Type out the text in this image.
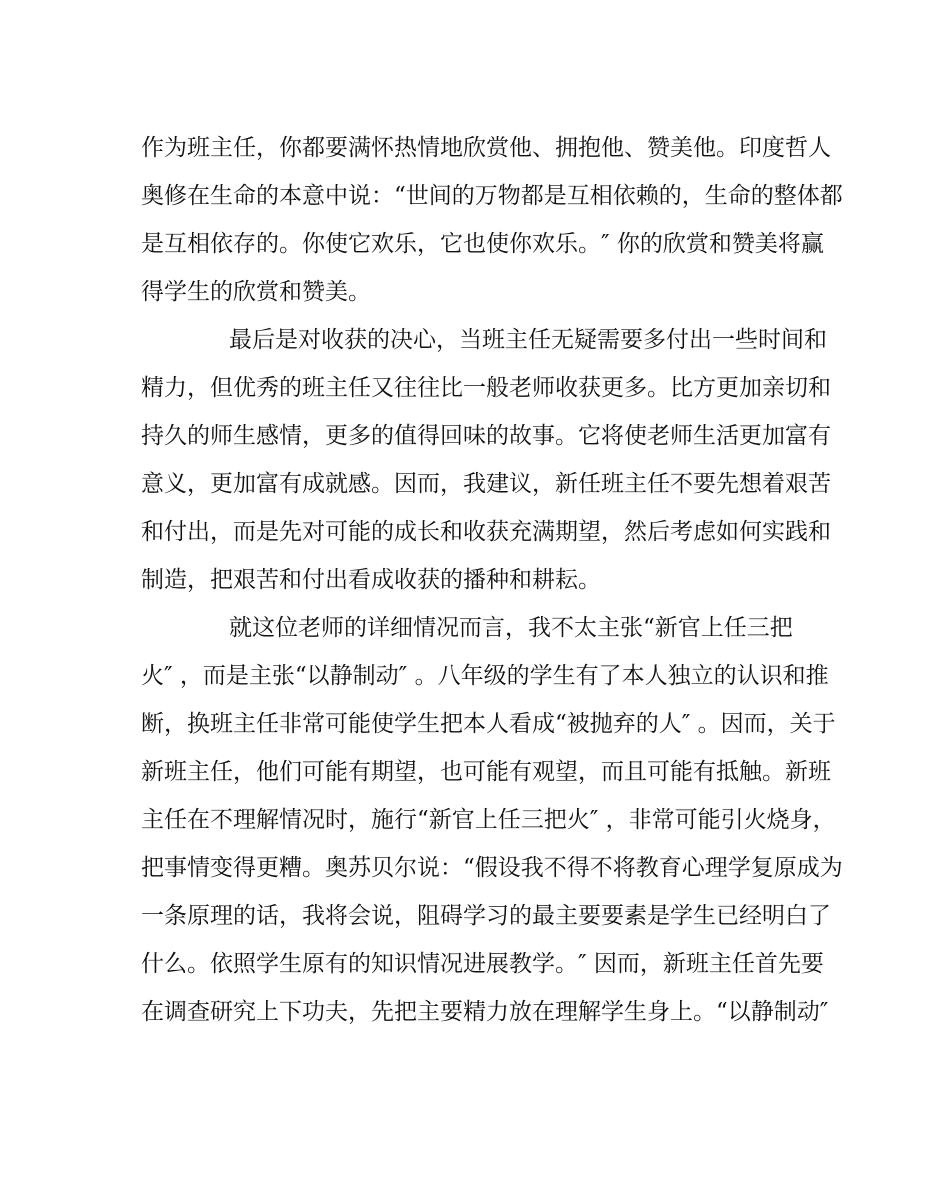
作为班主任，你都要满怀热情地欣赏他、拥抱他、赞美他。印度哲人
奥修在生命的本意中说：“世间的万物都是互相依赖的，生命的整体都
是互相依存的。你使它欢乐，它也使你欢乐。″ 你的欣赏和赞美将赢
得学生的欣赏和赞美。
最后是对收获的决心，当班主任无疑需要多付出一些时间和
精力，但优秀的班主任又往往比一般老师收获更多。比方更加亲切和
持久的师生感情，更多的值得回味的故事。它将使老师生活更加富有
意义，更加富有成就感。因而，我建议，新任班主任不要先想着艰苦
和付出，而是先对可能的成长和收获充满期望，然后考虑如何实践和
制造，把艰苦和付出看成收获的播种和耕耘。
就这位老师的详细情况而言，我不太主张“新官上任三把
火″ ，而是主张“以静制动″ 。八年级的学生有了本人独立的认识和推
断，换班主任非常可能使学生把本人看成“被抛弃的人″ 。因而，关于
新班主任，他们可能有期望，也可能有观望，而且可能有抵触。新班
主任在不理解情况时，施行“新官上任三把火″ ，非常可能引火烧身，
把事情变得更糟。奥苏贝尔说：“假设我不得不将教育心理学复原成为
一条原理的话，我将会说，阻碍学习的最主要要素是学生已经明白了
什么。依照学生原有的知识情况进展教学。″ 因而，新班主任首先要
在调查研究上下功夫，先把主要精力放在理解学生身上。“以静制动″
